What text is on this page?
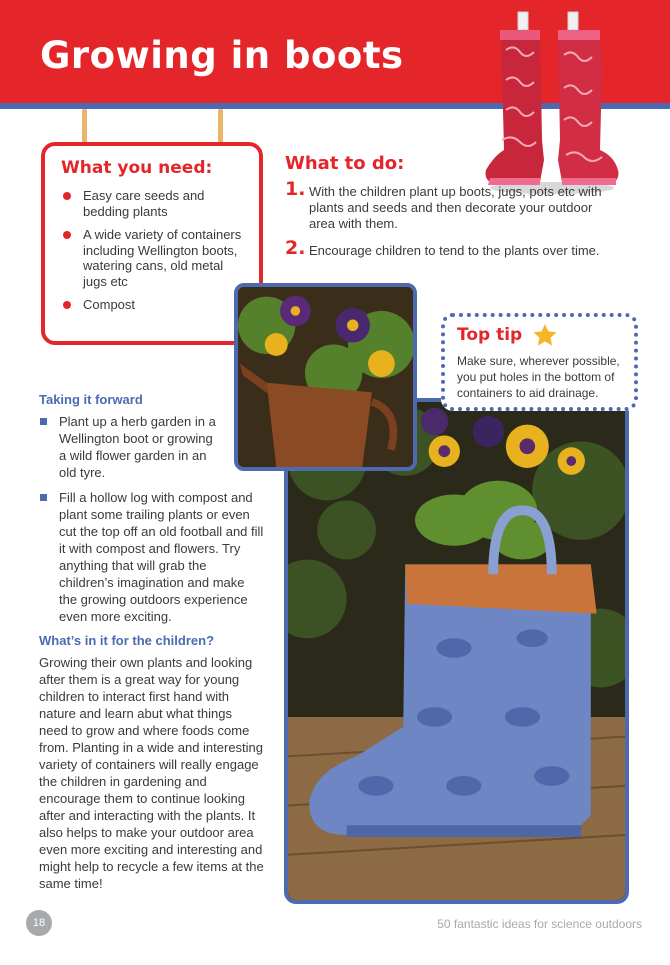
Growing in boots
What you need:
Easy care seeds and bedding plants
A wide variety of containers including Wellington boots, watering cans, old metal jugs etc
Compost
What to do:
1. With the children plant up boots, jugs, pots etc with plants and seeds and then decorate your outdoor area with them.
2. Encourage children to tend to the plants over time.
Top tip
Make sure, wherever possible, you put holes in the bottom of containers to aid drainage.
Taking it forward
Plant up a herb garden in a Wellington boot or growing a wild flower garden in an old tyre.
Fill a hollow log with compost and plant some trailing plants or even cut the top off an old football and fill it with compost and flowers. Try anything that will grab the children’s imagination and make the growing outdoors experience even more exciting.
What’s in it for the children?
Growing their own plants and looking after them is a great way for young children to interact first hand with nature and learn abut what things need to grow and where foods come from. Planting in a wide and interesting variety of containers will really engage the children in gardening and encourage them to continue looking after and interacting with the plants. It also helps to make your outdoor area even more exciting and interesting and might help to recycle a few items at the same time!
18	50 fantastic ideas for science outdoors
